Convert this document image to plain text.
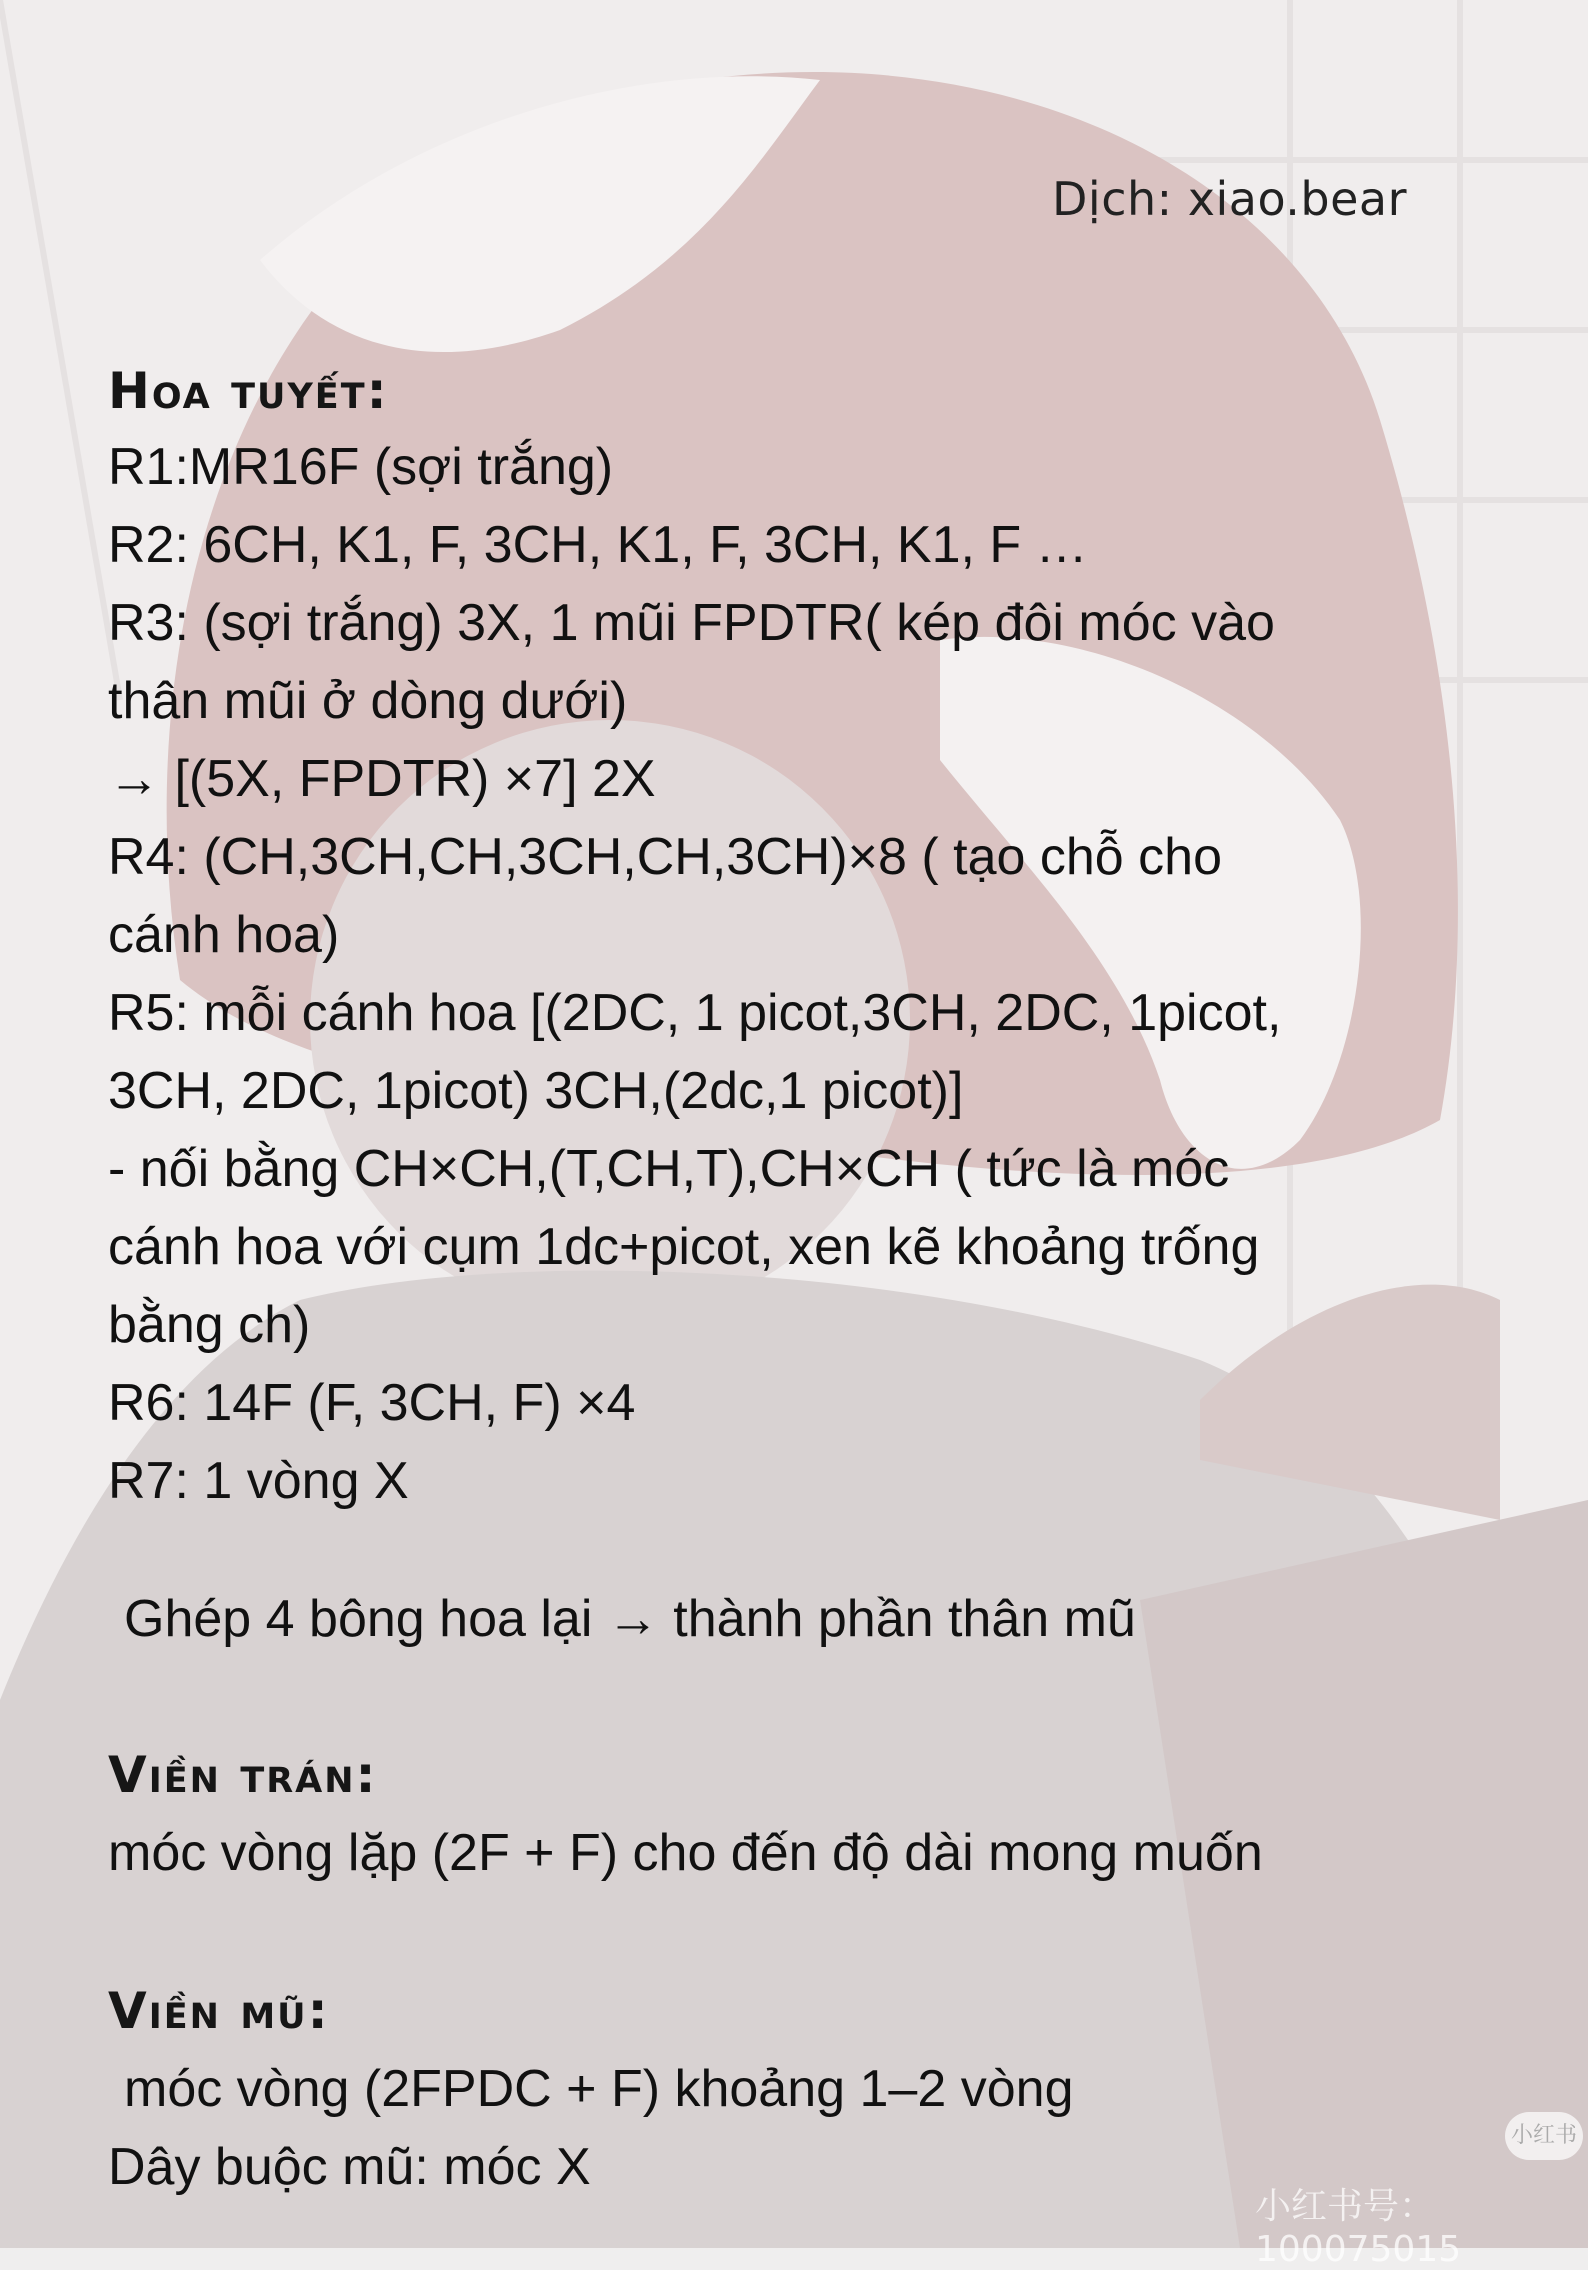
Dịch: xiao.bear
Hoa tuyết:
R1:MR16F (sợi trắng)
R2: 6CH, K1, F, 3CH, K1, F, 3CH, K1, F …
R3: (sợi trắng) 3X, 1 mũi FPDTR( kép đôi móc vào
thân mũi ở dòng dưới)
→ [(5X, FPDTR) ×7] 2X
R4: (CH,3CH,CH,3CH,CH,3CH)×8 ( tạo chỗ cho
cánh hoa)
R5: mỗi cánh hoa [(2DC, 1 picot,3CH, 2DC, 1picot,
3CH, 2DC, 1picot) 3CH,(2dc,1 picot)]
- nối bằng CH×CH,(T,CH,T),CH×CH ( tức là móc
cánh hoa với cụm 1dc+picot, xen kẽ khoảng trống
bằng ch)
R6: 14F (F, 3CH, F) ×4
R7: 1 vòng X
Ghép 4 bông hoa lại → thành phần thân mũ
Viền trán:
móc vòng lặp (2F + F) cho đến độ dài mong muốn
Viền mũ:
móc vòng (2FPDC + F) khoảng 1–2 vòng
Dây buộc mũ: móc X
小红书
小红书号：100075015
